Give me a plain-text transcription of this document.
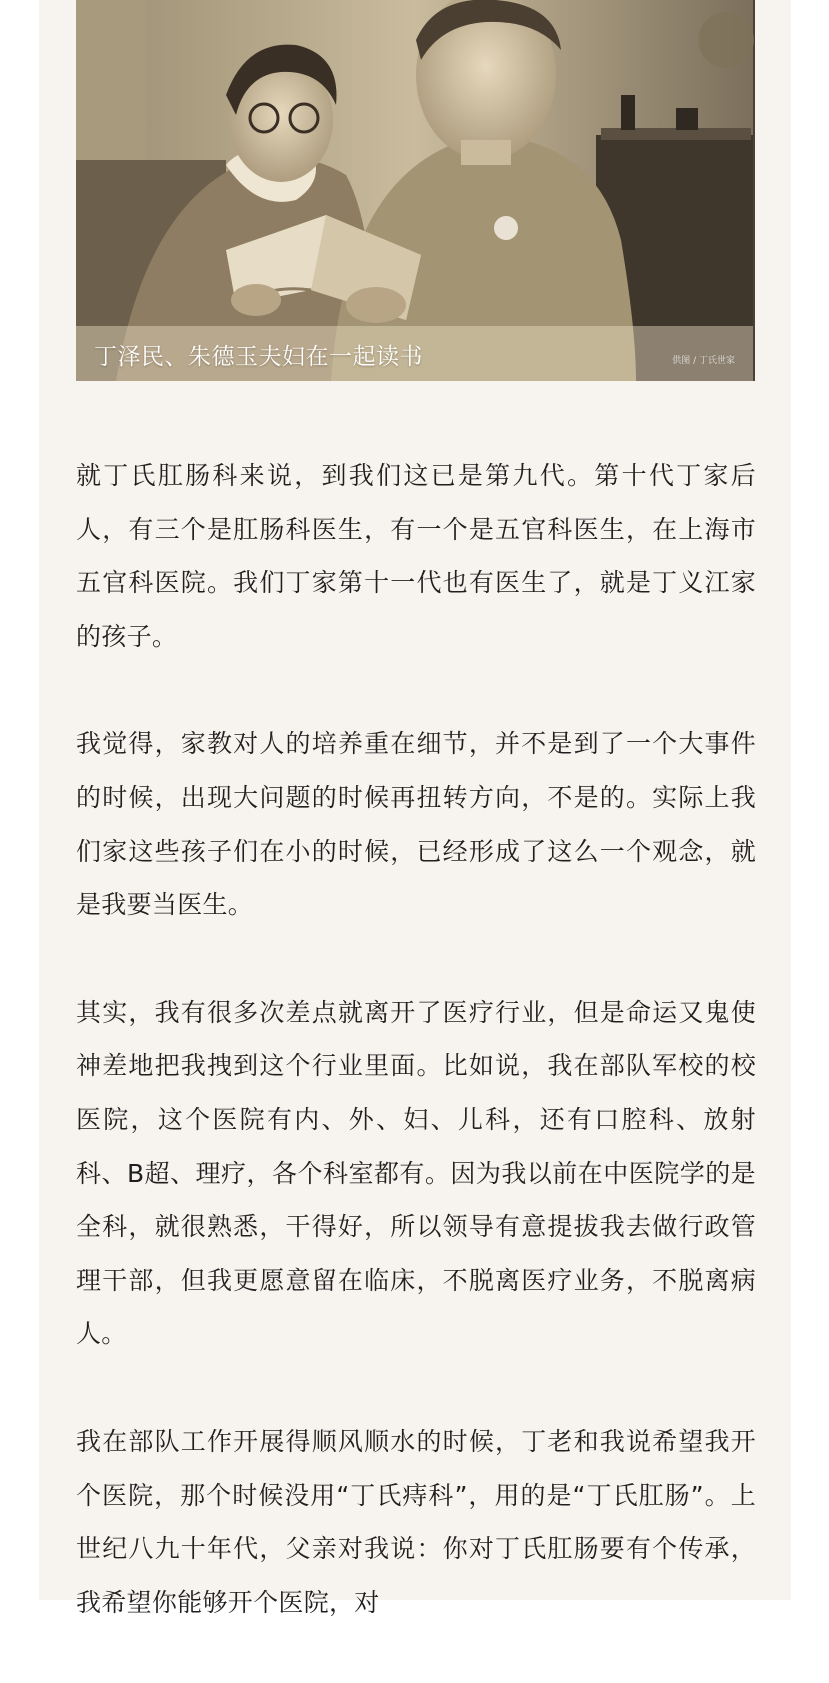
丁泽民、朱德玉夫妇在一起读书	供图 / 丁氏世家

就丁氏肛肠科来说，到我们这已是第九代。第十代丁家后人，有三个是肛肠科医生，有一个是五官科医生，在上海市五官科医院。我们丁家第十一代也有医生了，就是丁义江家的孩子。

我觉得，家教对人的培养重在细节，并不是到了一个大事件的时候，出现大问题的时候再扭转方向，不是的。实际上我们家这些孩子们在小的时候，已经形成了这么一个观念，就是我要当医生。

其实，我有很多次差点就离开了医疗行业，但是命运又鬼使神差地把我拽到这个行业里面。比如说，我在部队军校的校医院，这个医院有内、外、妇、儿科，还有口腔科、放射科、B超、理疗，各个科室都有。因为我以前在中医院学的是全科，就很熟悉，干得好，所以领导有意提拔我去做行政管理干部，但我更愿意留在临床，不脱离医疗业务，不脱离病人。

我在部队工作开展得顺风顺水的时候，丁老和我说希望我开个医院，那个时候没用“丁氏痔科”，用的是“丁氏肛肠”。上世纪八九十年代，父亲对我说：你对丁氏肛肠要有个传承，我希望你能够开个医院，对
